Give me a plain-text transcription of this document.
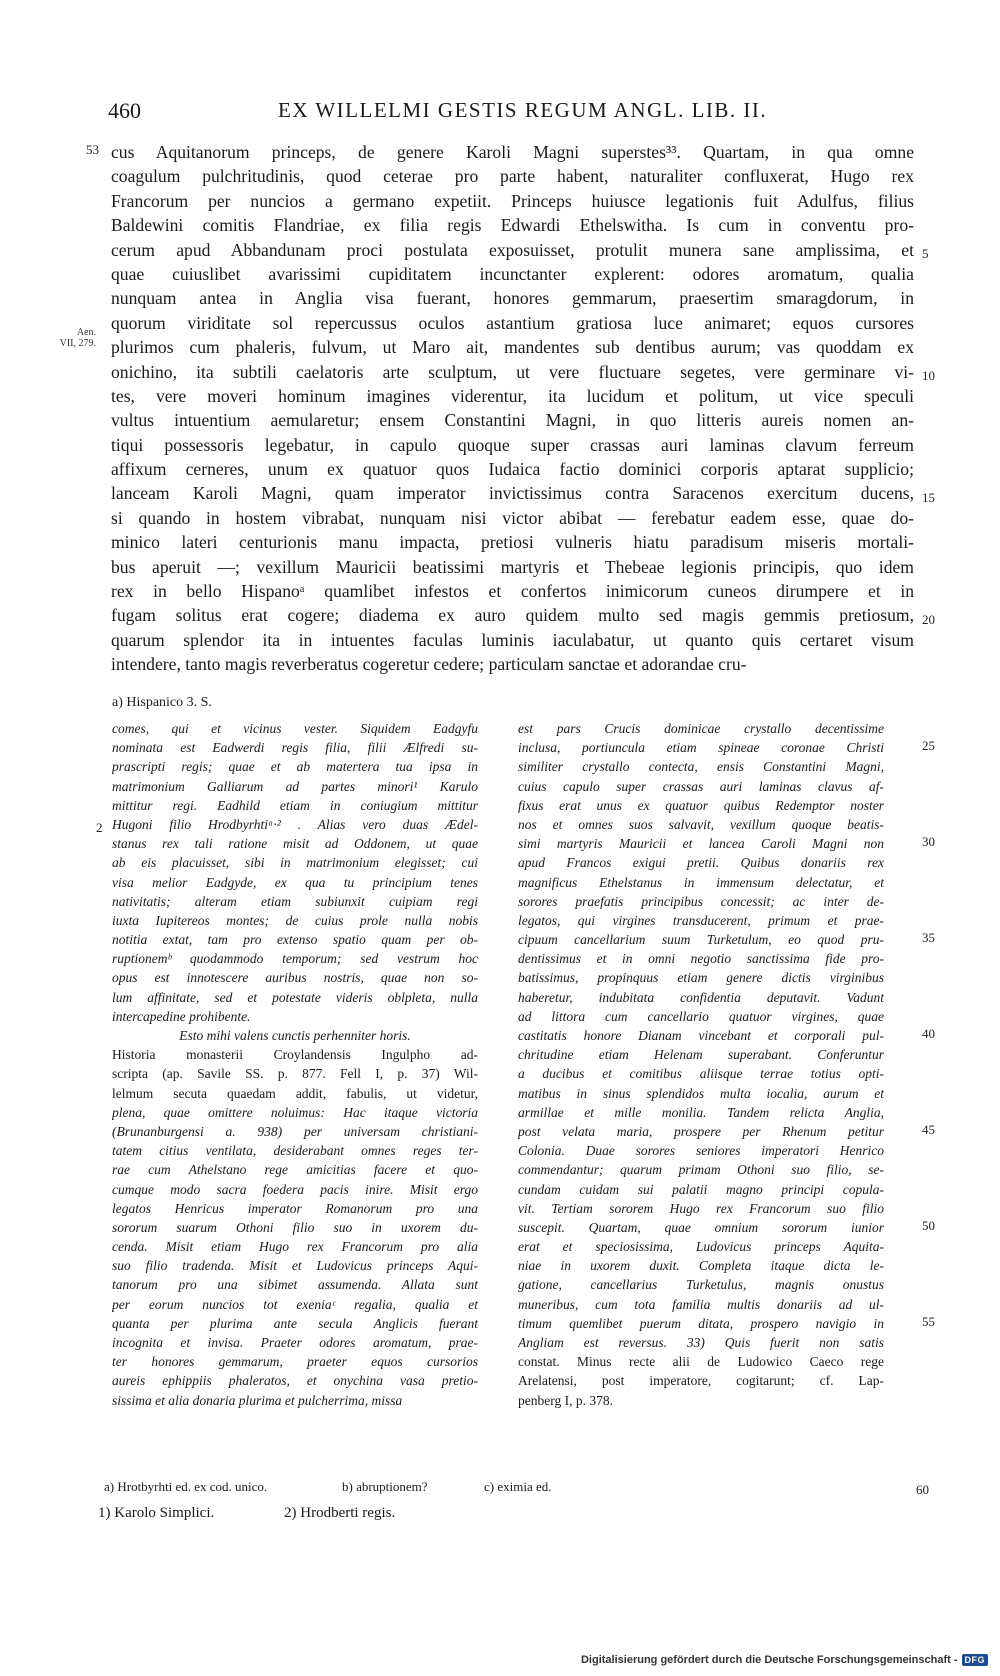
460	EX WILLELMI GESTIS REGUM ANGL. LIB. II.
53
Aen.
VII, 279.
cus Aquitanorum princeps, de genere Karoli Magni superstes³³. Quartam, in qua omne
coagulum pulchritudinis, quod ceterae pro parte habent, naturaliter confluxerat, Hugo rex
Francorum per nuncios a germano expetiit. Princeps huiusce legationis fuit Adulfus, filius
Baldewini comitis Flandriae, ex filia regis Edwardi Ethelswitha. Is cum in conventu pro-
cerum apud Abbandunam proci postulata exposuisset, protulit munera sane amplissima, et
quae cuiuslibet avarissimi cupiditatem incunctanter explerent: odores aromatum, qualia
nunquam antea in Anglia visa fuerant, honores gemmarum, praesertim smaragdorum, in
quorum viriditate sol repercussus oculos astantium gratiosa luce animaret; equos cursores
plurimos cum phaleris, fulvum, ut Maro ait, mandentes sub dentibus aurum; vas quoddam ex
onichino, ita subtili caelatoris arte sculptum, ut vere fluctuare segetes, vere germinare vi-
tes, vere moveri hominum imagines viderentur, ita lucidum et politum, ut vice speculi
vultus intuentium aemularetur; ensem Constantini Magni, in quo litteris aureis nomen an-
tiqui possessoris legebatur, in capulo quoque super crassas auri laminas clavum ferreum
affixum cerneres, unum ex quatuor quos Iudaica factio dominici corporis aptarat supplicio;
lanceam Karoli Magni, quam imperator invictissimus contra Saracenos exercitum ducens,
si quando in hostem vibrabat, nunquam nisi victor abibat — ferebatur eadem esse, quae do-
minico lateri centurionis manu impacta, pretiosi vulneris hiatu paradisum miseris mortali-
bus aperuit —; vexillum Mauricii beatissimi martyris et Thebeae legionis principis, quo idem
rex in bello Hispanoᵃ quamlibet infestos et confertos inimicorum cuneos dirumpere et in
fugam solitus erat cogere; diadema ex auro quidem multo sed magis gemmis pretiosum,
quarum splendor ita in intuentes faculas luminis iaculabatur, ut quanto quis certaret visum
intendere, tanto magis reverberatus cogeretur cedere; particulam sanctae et adorandae cru-
5
10
15
20
a) Hispanico 3. S.
comes, qui et vicinus vester. Siquidem Eadgyfu
nominata est Eadwerdi regis filia, filii Ælfredi su-
prascripti regis; quae et ab matertera tua ipsa in
matrimonium Galliarum ad partes minori¹ Karulo
mittitur regi. Eadhild etiam in coniugium mittitur
Hugoni filio Hrodbyrhtiᵃ·² . Alias vero duas Ædel-
stanus rex tali ratione misit ad Oddonem, ut quae
ab eis placuisset, sibi in matrimonium elegisset; cui
visa melior Eadgyde, ex qua tu principium tenes
nativitatis; alteram etiam subiunxit cuipiam regi
iuxta Iupitereos montes; de cuius prole nulla nobis
notitia extat, tam pro extenso spatio quam per ob-
ruptionemᵇ quodammodo temporum; sed vestrum hoc
opus est innotescere auribus nostris, quae non so-
lum affinitate, sed et potestate videris oblpleta, nulla
intercapedine prohibente.
Esto mihi valens cunctis perhenniter horis.
Historia monasterii Croylandensis Ingulpho ad-
scripta (ap. Savile SS. p. 877. Fell I, p. 37) Wil-
lelmum secuta quaedam addit, fabulis, ut videtur,
plena, quae omittere noluimus: Hac itaque victoria
(Brunanburgensi a. 938) per universam christiani-
tatem citius ventilata, desiderabant omnes reges ter-
rae cum Athelstano rege amicitias facere et quo-
cumque modo sacra foedera pacis inire. Misit ergo
legatos Henricus imperator Romanorum pro una
sororum suarum Othoni filio suo in uxorem du-
cenda. Misit etiam Hugo rex Francorum pro alia
suo filio tradenda. Misit et Ludovicus princeps Aqui-
tanorum pro una sibimet assumenda. Allata sunt
per eorum nuncios tot exeniaᶜ regalia, qualia et
quanta per plurima ante secula Anglicis fuerant
incognita et invisa. Praeter odores aromatum, prae-
ter honores gemmarum, praeter equos cursorios
aureis ephippiis phaleratos, et onychina vasa pretio-
sissima et alia donaria plurima et pulcherrima, missa
est pars Crucis dominicae crystallo decentissime
inclusa, portiuncula etiam spineae coronae Christi
similiter crystallo contecta, ensis Constantini Magni,
cuius capulo super crassas auri laminas clavus af-
fixus erat unus ex quatuor quibus Redemptor noster
nos et omnes suos salvavit, vexillum quoque beatis-
simi martyris Mauricii et lancea Caroli Magni non
apud Francos exigui pretii. Quibus donariis rex
magnificus Ethelstanus in immensum delectatur, et
sorores praefatis principibus concessit; ac inter de-
legatos, qui virgines transducerent, primum et prae-
cipuum cancellarium suum Turketulum, eo quod pru-
dentissimus et in omni negotio sanctissima fide pro-
batissimus, propinquus etiam genere dictis virginibus
haberetur, indubitata confidentia deputavit. Vadunt
ad littora cum cancellario quatuor virgines, quae
castitatis honore Dianam vincebant et corporali pul-
chritudine etiam Helenam superabant. Conferuntur
a ducibus et comitibus aliisque terrae totius opti-
matibus in sinus splendidos multa iocalia, aurum et
armillae et mille monilia. Tandem relicta Anglia,
post velata maria, prospere per Rhenum petitur
Colonia. Duae sorores seniores imperatori Henrico
commendantur; quarum primam Othoni suo filio, se-
cundam cuidam sui palatii magno principi copula-
vit. Tertiam sororem Hugo rex Francorum suo filio
suscepit. Quartam, quae omnium sororum iunior
erat et speciosissima, Ludovicus princeps Aquita-
niae in uxorem duxit. Completa itaque dicta le-
gatione, cancellarius Turketulus, magnis onustus
muneribus, cum tota familia multis donariis ad ul-
timum quemlibet puerum ditata, prospero navigio in
Angliam est reversus. 33) Quis fuerit non satis
constat. Minus recte alii de Ludowico Caeco rege
Arelatensi, post imperatore, cogitarunt; cf. Lap-
penberg I, p. 378.
2
25
30
35
40
45
50
55
60
a) Hrotbyrhti ed. ex cod. unico.	b) abruptionem?	c) eximia ed.
1) Karolo Simplici.	2) Hrodberti regis.
Digitalisierung gefördert durch die Deutsche Forschungsgemeinschaft - DFG
